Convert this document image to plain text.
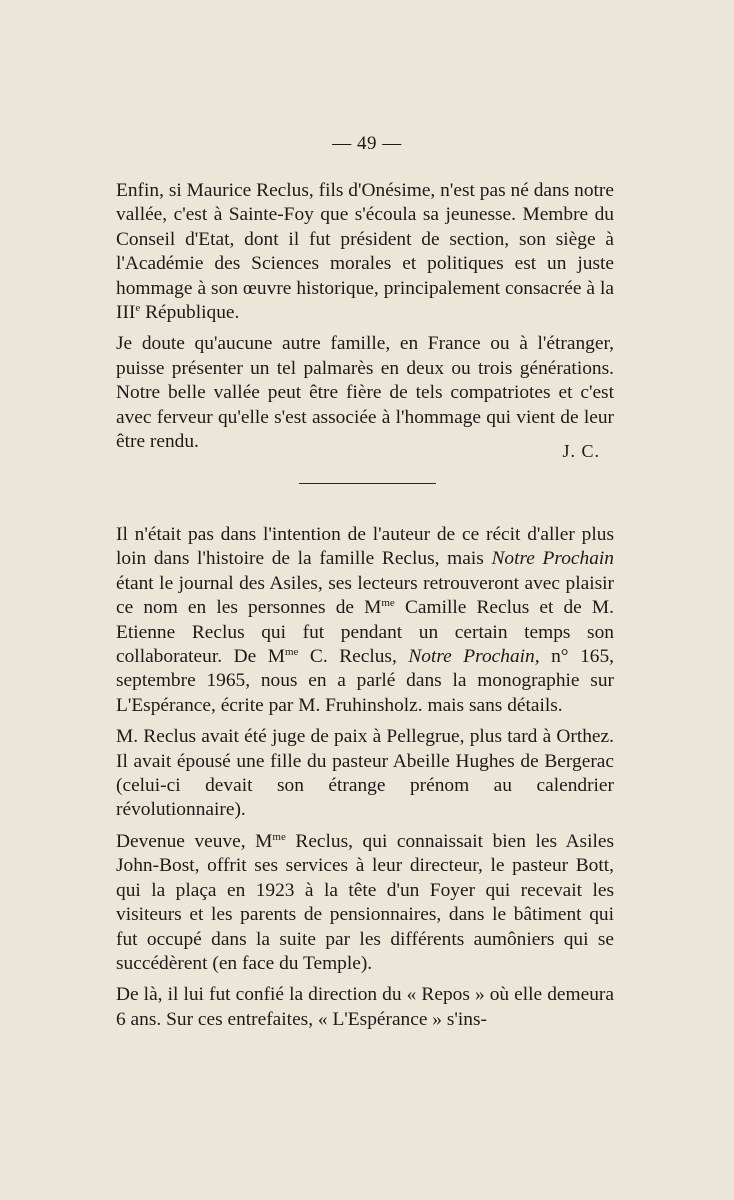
— 49 —

Enfin, si Maurice Reclus, fils d'Onésime, n'est pas né dans notre vallée, c'est à Sainte-Foy que s'écoula sa jeunesse. Membre du Conseil d'Etat, dont il fut président de section, son siège à l'Académie des Sciences morales et politiques est un juste hommage à son œuvre historique, principalement consacrée à la IIIe République.

Je doute qu'aucune autre famille, en France ou à l'étranger, puisse présenter un tel palmarès en deux ou trois générations. Notre belle vallée peut être fière de tels compatriotes et c'est avec ferveur qu'elle s'est associée à l'hommage qui vient de leur être rendu.	J. C.

Il n'était pas dans l'intention de l'auteur de ce récit d'aller plus loin dans l'histoire de la famille Reclus, mais Notre Prochain étant le journal des Asiles, ses lecteurs retrouveront avec plaisir ce nom en les personnes de $M^{me}$ Camille Reclus et de M. Etienne Reclus qui fut pendant un certain temps son collaborateur. De $M^{me}$ C. Reclus, Notre Prochain, n° 165, septembre 1965, nous en a parlé dans la monographie sur L'Espérance, écrite par M. Fruhinsholz. mais sans détails.

M. Reclus avait été juge de paix à Pellegrue, plus tard à Orthez. Il avait épousé une fille du pasteur Abeille Hughes de Bergerac (celui-ci devait son étrange prénom au calendrier révolutionnaire).

Devenue veuve, $M^{me}$ Reclus, qui connaissait bien les Asiles John-Bost, offrit ses services à leur directeur, le pasteur Bott, qui la plaça en 1923 à la tête d'un Foyer qui recevait les visiteurs et les parents de pensionnaires, dans le bâtiment qui fut occupé dans la suite par les différents aumôniers qui se succédèrent (en face du Temple).

De là, il lui fut confié la direction du « Repos » où elle demeura 6 ans. Sur ces entrefaites, « L'Espérance » s'ins-
